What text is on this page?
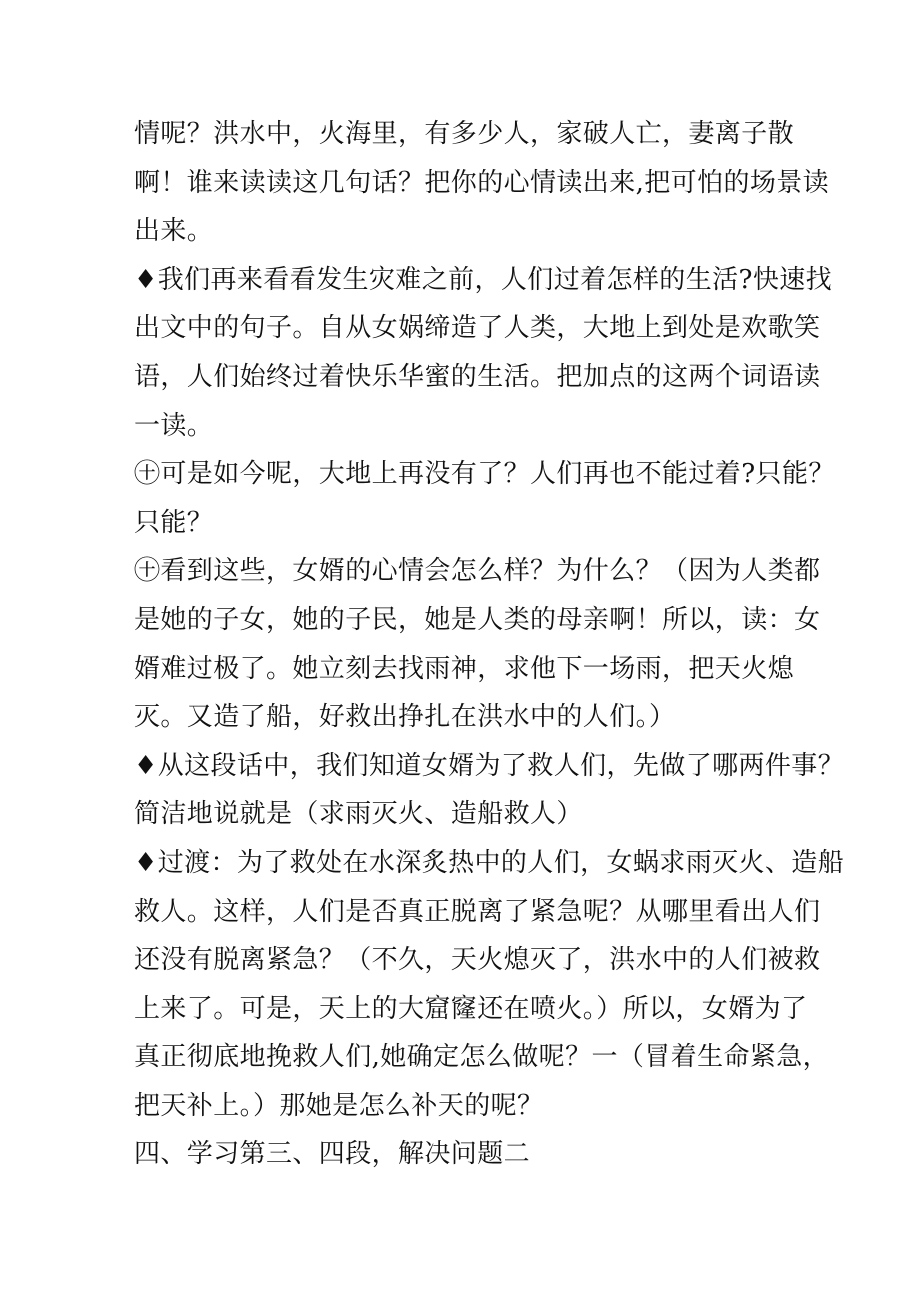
情呢？洪水中，火海里，有多少人，家破人亡，妻离子散
啊！谁来读读这几句话？把你的心情读出来,把可怕的场景读
出来。
♦我们再来看看发生灾难之前，人们过着怎样的生活?快速找
出文中的句子。自从女娲缔造了人类，大地上到处是欢歌笑
语，人们始终过着快乐华蜜的生活。把加点的这两个词语读
一读。
㊉可是如今呢，大地上再没有了？人们再也不能过着?只能？
只能？
㊉看到这些，女婿的心情会怎么样？为什么？（因为人类都
是她的子女，她的子民，她是人类的母亲啊！所以，读：女
婿难过极了。她立刻去找雨神，求他下一场雨，把天火熄
灭。又造了船，好救出挣扎在洪水中的人们。）
♦从这段话中，我们知道女婿为了救人们，先做了哪两件事？
简洁地说就是（求雨灭火、造船救人）
♦过渡：为了救处在水深炙热中的人们，女蜗求雨灭火、造船
救人。这样，人们是否真正脱离了紧急呢？从哪里看出人们
还没有脱离紧急？（不久，天火熄灭了，洪水中的人们被救
上来了。可是，天上的大窟窿还在喷火。）所以，女婿为了
真正彻底地挽救人们,她确定怎么做呢？一（冒着生命紧急，
把天补上。）那她是怎么补天的呢？
四、学习第三、四段，解决问题二
